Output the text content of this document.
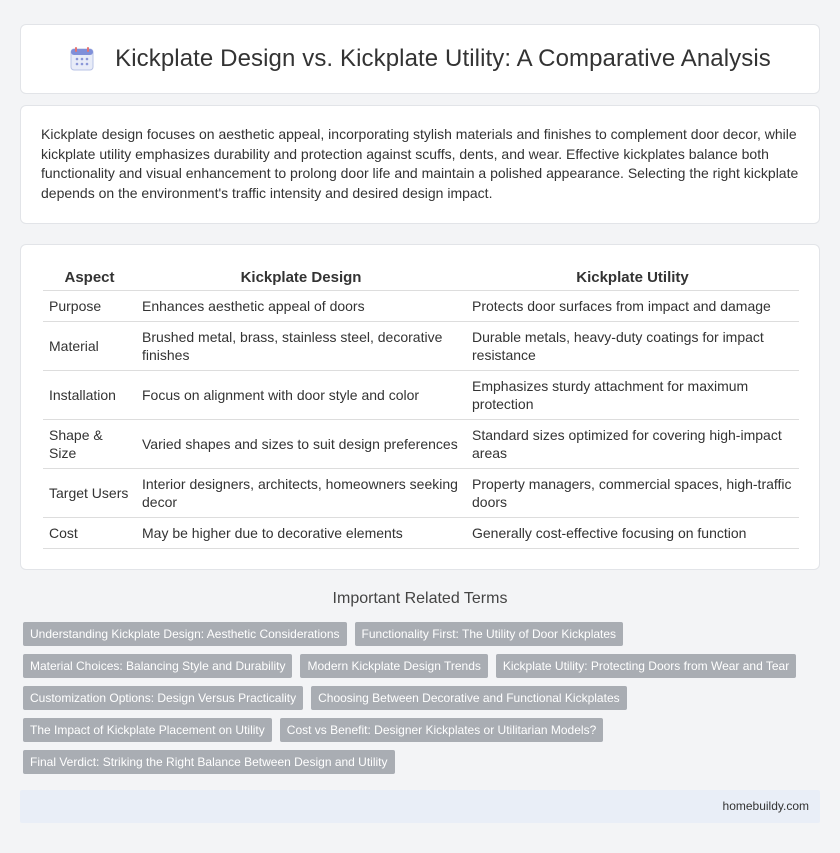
Kickplate Design vs. Kickplate Utility: A Comparative Analysis

Kickplate design focuses on aesthetic appeal, incorporating stylish materials and finishes to complement door decor, while kickplate utility emphasizes durability and protection against scuffs, dents, and wear. Effective kickplates balance both functionality and visual enhancement to prolong door life and maintain a polished appearance. Selecting the right kickplate depends on the environment's traffic intensity and desired design impact.

Aspect	Kickplate Design	Kickplate Utility
Purpose	Enhances aesthetic appeal of doors	Protects door surfaces from impact and damage
Material	Brushed metal, brass, stainless steel, decorative finishes	Durable metals, heavy-duty coatings for impact resistance
Installation	Focus on alignment with door style and color	Emphasizes sturdy attachment for maximum protection
Shape & Size	Varied shapes and sizes to suit design preferences	Standard sizes optimized for covering high-impact areas
Target Users	Interior designers, architects, homeowners seeking decor	Property managers, commercial spaces, high-traffic doors
Cost	May be higher due to decorative elements	Generally cost-effective focusing on function
Important Related Terms
Understanding Kickplate Design: Aesthetic Considerations	Functionality First: The Utility of Door Kickplates
Material Choices: Balancing Style and Durability	Modern Kickplate Design Trends	Kickplate Utility: Protecting Doors from Wear and Tear
Customization Options: Design Versus Practicality	Choosing Between Decorative and Functional Kickplates
The Impact of Kickplate Placement on Utility	Cost vs Benefit: Designer Kickplates or Utilitarian Models?
Final Verdict: Striking the Right Balance Between Design and Utility
homebuildy.com
